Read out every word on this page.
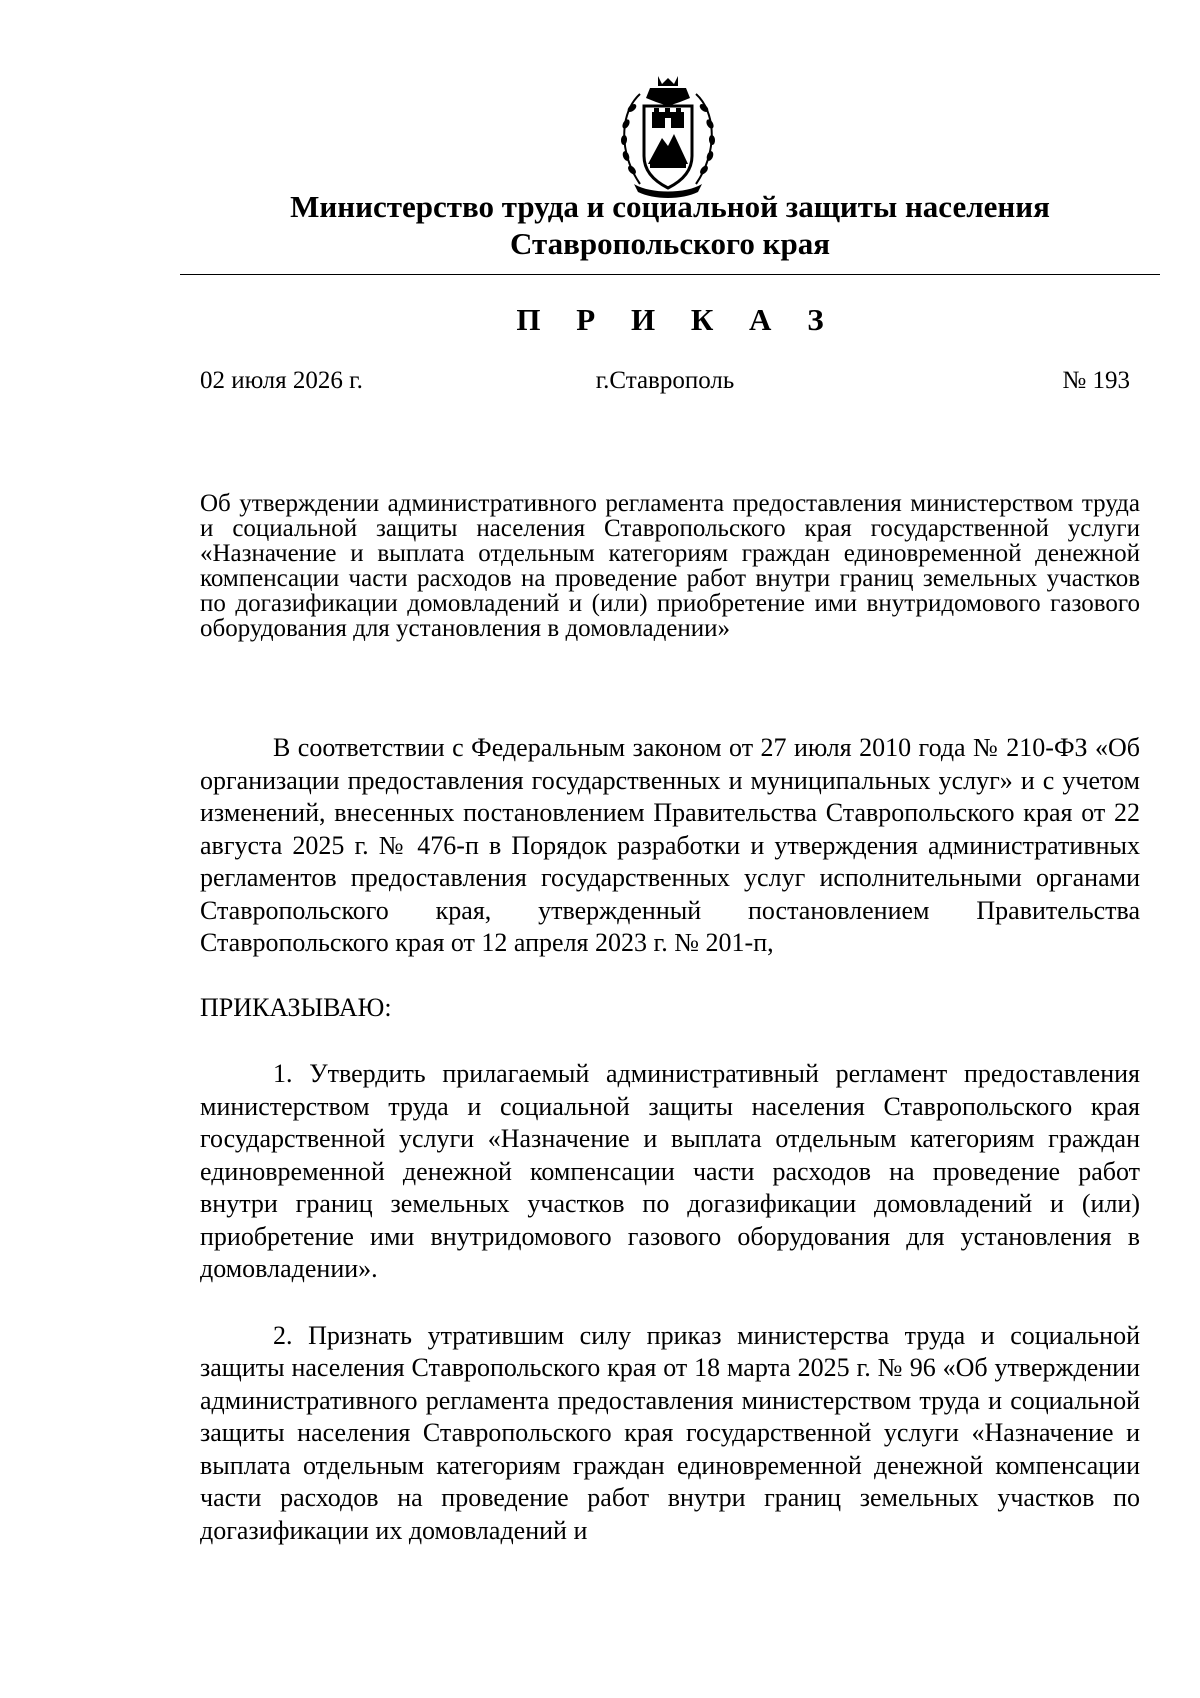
Министерство труда и социальной защиты населения
Ставропольского края
П Р И К А З
02 июля 2026 г.	г.Ставрополь	№ 193
Об утверждении административного регламента предоставления министерством труда и социальной защиты населения Ставропольского края государственной услуги «Назначение и выплата отдельным категориям граждан единовременной денежной компенсации части расходов на проведение работ внутри границ земельных участков по догазификации домовладений и (или) приобретение ими внутридомового газового оборудования для установления в домовладении»

В соответствии с Федеральным законом от 27 июля 2010 года № 210-ФЗ «Об организации предоставления государственных и муниципальных услуг» и с учетом изменений, внесенных постановлением Правительства Ставропольского края от 22 августа 2025 г. № 476-п в Порядок разработки и утверждения административных регламентов предоставления государственных услуг исполнительными органами Ставропольского края, утвержденный постановлением Правительства Ставропольского края от 12 апреля 2023 г. № 201-п,

ПРИКАЗЫВАЮ:

1. Утвердить прилагаемый административный регламент предоставления министерством труда и социальной защиты населения Ставропольского края государственной услуги «Назначение и выплата отдельным категориям граждан единовременной денежной компенсации части расходов на проведение работ внутри границ земельных участков по догазификации домовладений и (или) приобретение ими внутридомового газового оборудования для установления в домовладении».

2. Признать утратившим силу приказ министерства труда и социальной защиты населения Ставропольского края от 18 марта 2025 г. № 96 «Об утверждении административного регламента предоставления министерством труда и социальной защиты населения Ставропольского края государственной услуги «Назначение и выплата отдельным категориям граждан единовременной денежной компенсации части расходов на проведение работ внутри границ земельных участков по догазификации их домовладений и
